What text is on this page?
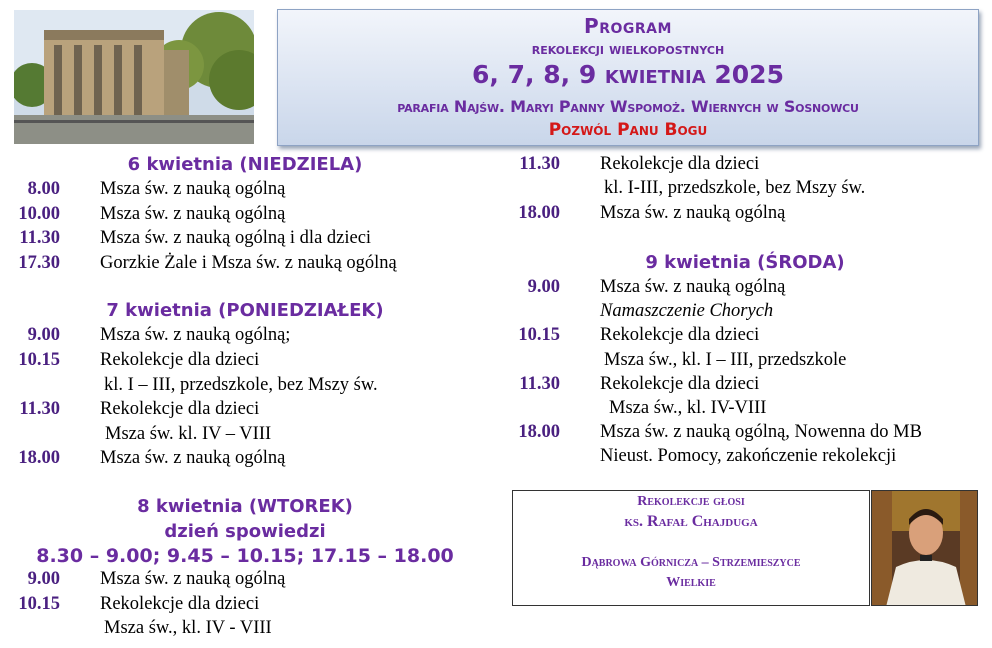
Program
rekolekcji wielkopostnych
6, 7, 8, 9 kwietnia 2025
parafia Najśw. Maryi Panny Wspomoż. Wiernych w Sosnowcu
Pozwól Panu Bogu
6 kwietnia (NIEDZIELA)
8.00 Msza św. z nauką ogólną
10.00 Msza św. z nauką ogólną
11.30 Msza św. z nauką ogólną i dla dzieci
17.30 Gorzkie Żale i Msza św. z nauką ogólną
7 kwietnia (PONIEDZIAŁEK)
9.00 Msza św. z nauką ogólną;
10.15 Rekolekcje dla dzieci
kl. I – III, przedszkole, bez Mszy św.
11.30 Rekolekcje dla dzieci
Msza św. kl. IV – VIII
18.00 Msza św. z nauką ogólną
8 kwietnia (WTOREK)
dzień spowiedzi
8.30 – 9.00; 9.45 – 10.15; 17.15 – 18.00
9.00 Msza św. z nauką ogólną
10.15 Rekolekcje dla dzieci
Msza św., kl. IV - VIII
11.30 Rekolekcje dla dzieci
kl. I-III, przedszkole, bez Mszy św.
18.00 Msza św. z nauką ogólną
9 kwietnia (ŚRODA)
9.00 Msza św. z nauką ogólną
Namaszczenie Chorych
10.15 Rekolekcje dla dzieci
Msza św., kl. I – III, przedszkole
11.30 Rekolekcje dla dzieci
Msza św., kl. IV-VIII
18.00 Msza św. z nauką ogólną, Nowenna do MB
Nieust. Pomocy, zakończenie rekolekcji
Rekolekcje głosi
ks. Rafał Chajduga
Dąbrowa Górnicza – Strzemieszyce
Wielkie
